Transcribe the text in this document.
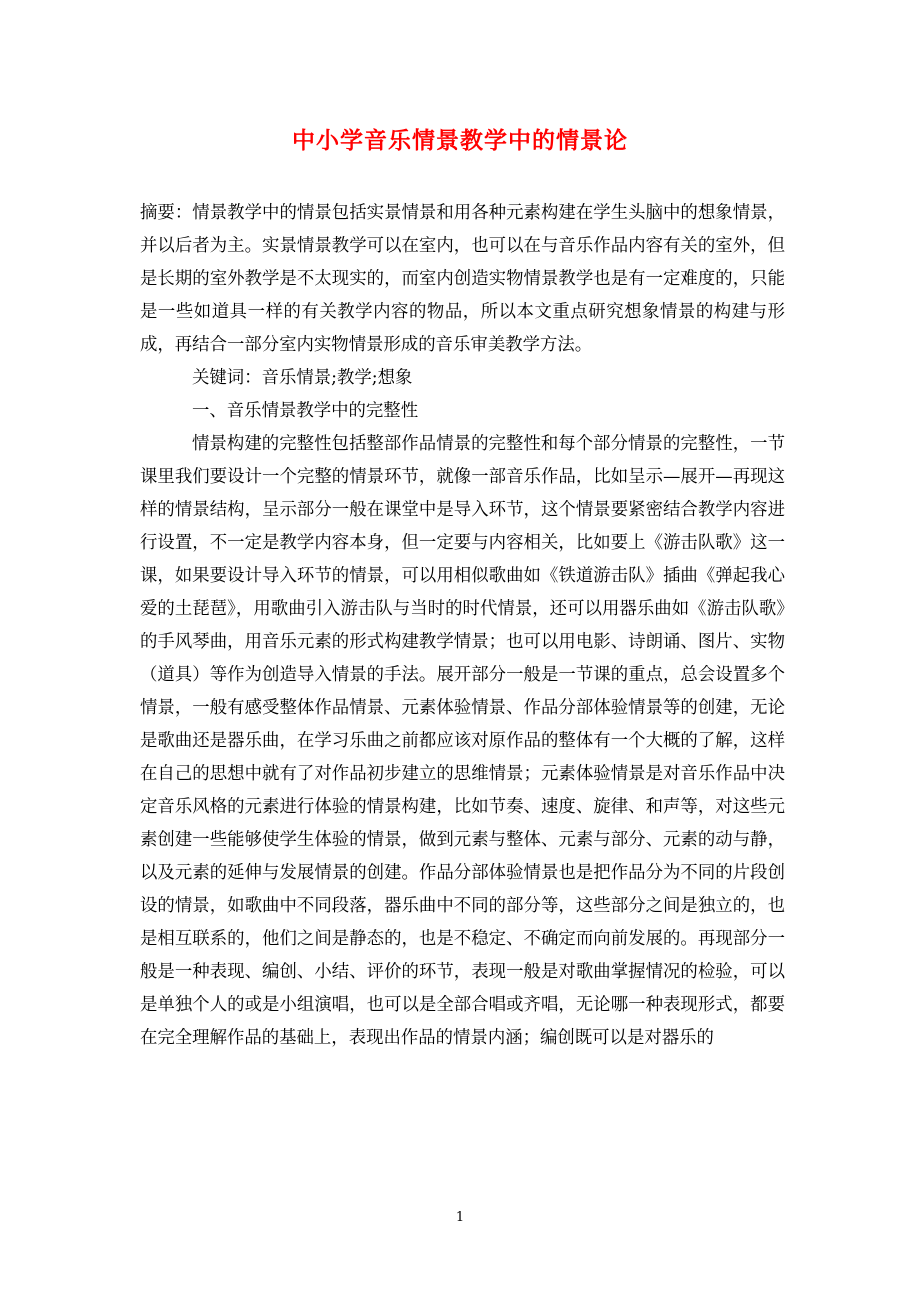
中小学音乐情景教学中的情景论

摘要：情景教学中的情景包括实景情景和用各种元素构建在学生头脑中的想象情景，并以后者为主。实景情景教学可以在室内，也可以在与音乐作品内容有关的室外，但是长期的室外教学是不太现实的，而室内创造实物情景教学也是有一定难度的，只能是一些如道具一样的有关教学内容的物品，所以本文重点研究想象情景的构建与形成，再结合一部分室内实物情景形成的音乐审美教学方法。

关键词：音乐情景;教学;想象

一、音乐情景教学中的完整性

情景构建的完整性包括整部作品情景的完整性和每个部分情景的完整性，一节课里我们要设计一个完整的情景环节，就像一部音乐作品，比如呈示—展开—再现这样的情景结构，呈示部分一般在课堂中是导入环节，这个情景要紧密结合教学内容进行设置，不一定是教学内容本身，但一定要与内容相关，比如要上《游击队歌》这一课，如果要设计导入环节的情景，可以用相似歌曲如《铁道游击队》插曲《弹起我心爱的土琵琶》，用歌曲引入游击队与当时的时代情景，还可以用器乐曲如《游击队歌》的手风琴曲，用音乐元素的形式构建教学情景；也可以用电影、诗朗诵、图片、实物（道具）等作为创造导入情景的手法。展开部分一般是一节课的重点，总会设置多个情景，一般有感受整体作品情景、元素体验情景、作品分部体验情景等的创建，无论是歌曲还是器乐曲，在学习乐曲之前都应该对原作品的整体有一个大概的了解，这样在自己的思想中就有了对作品初步建立的思维情景；元素体验情景是对音乐作品中决定音乐风格的元素进行体验的情景构建，比如节奏、速度、旋律、和声等，对这些元素创建一些能够使学生体验的情景，做到元素与整体、元素与部分、元素的动与静，以及元素的延伸与发展情景的创建。作品分部体验情景也是把作品分为不同的片段创设的情景，如歌曲中不同段落，器乐曲中不同的部分等，这些部分之间是独立的，也是相互联系的，他们之间是静态的，也是不稳定、不确定而向前发展的。再现部分一般是一种表现、编创、小结、评价的环节，表现一般是对歌曲掌握情况的检验，可以是单独个人的或是小组演唱，也可以是全部合唱或齐唱，无论哪一种表现形式，都要在完全理解作品的基础上，表现出作品的情景内涵；编创既可以是对器乐的

1
